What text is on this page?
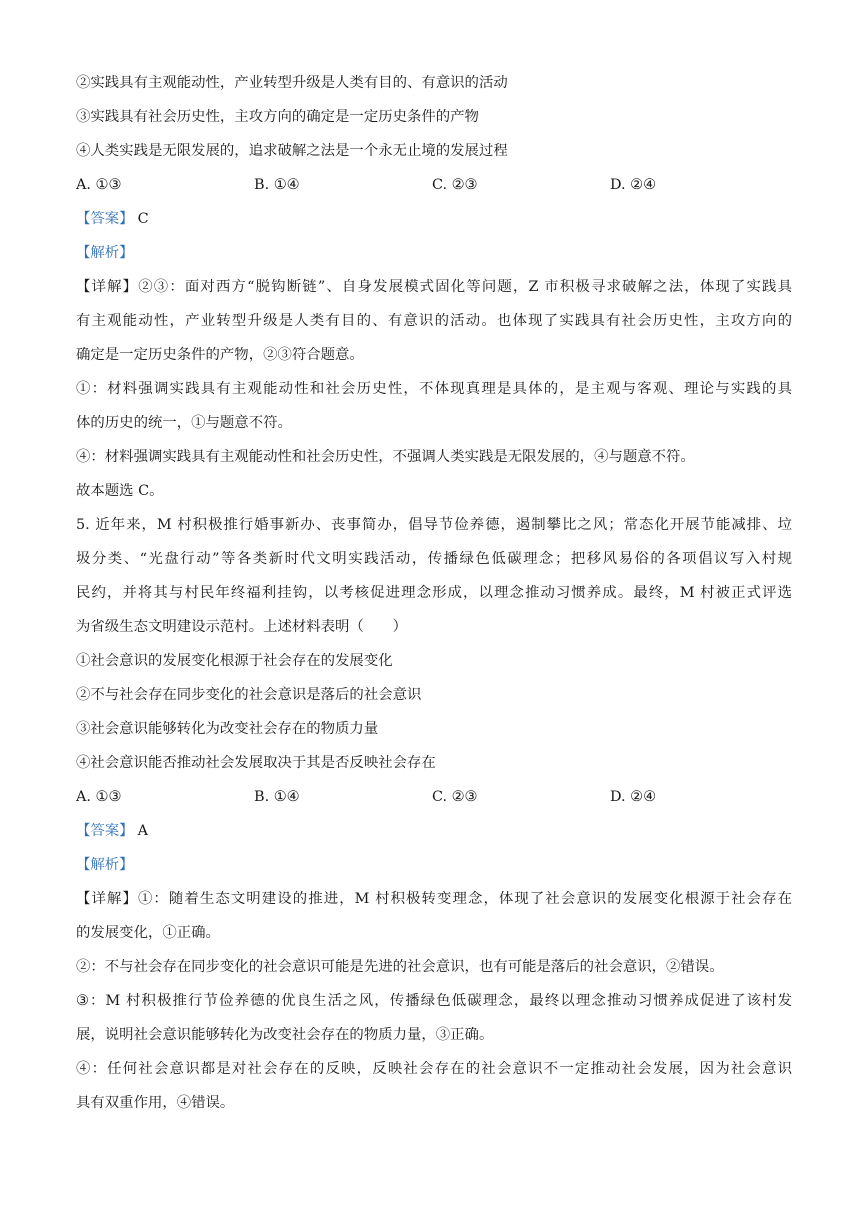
②实践具有主观能动性，产业转型升级是人类有目的、有意识的活动
③实践具有社会历史性，主攻方向的确定是一定历史条件的产物
④人类实践是无限发展的，追求破解之法是一个永无止境的发展过程
A. ①③	B. ①④	C. ②③	D. ②④
【答案】 C
【解析】
【详解】②③：面对西方“脱钩断链”、自身发展模式固化等问题，Z 市积极寻求破解之法，体现了实践具
有主观能动性，产业转型升级是人类有目的、有意识的活动。也体现了实践具有社会历史性，主攻方向的
确定是一定历史条件的产物，②③符合题意。
①：材料强调实践具有主观能动性和社会历史性，不体现真理是具体的，是主观与客观、理论与实践的具
体的历史的统一，①与题意不符。
④：材料强调实践具有主观能动性和社会历史性，不强调人类实践是无限发展的，④与题意不符。
故本题选 C。
5. 近年来，M 村积极推行婚事新办、丧事简办，倡导节俭养德，遏制攀比之风；常态化开展节能减排、垃
圾分类、“光盘行动”等各类新时代文明实践活动，传播绿色低碳理念；把移风易俗的各项倡议写入村规
民约，并将其与村民年终福利挂钩，以考核促进理念形成，以理念推动习惯养成。最终，M 村被正式评选
为省级生态文明建设示范村。上述材料表明（　　）
①社会意识的发展变化根源于社会存在的发展变化
②不与社会存在同步变化的社会意识是落后的社会意识
③社会意识能够转化为改变社会存在的物质力量
④社会意识能否推动社会发展取决于其是否反映社会存在
A. ①③	B. ①④	C. ②③	D. ②④
【答案】 A
【解析】
【详解】①：随着生态文明建设的推进，M 村积极转变理念，体现了社会意识的发展变化根源于社会存在
的发展变化，①正确。
②：不与社会存在同步变化的社会意识可能是先进的社会意识，也有可能是落后的社会意识，②错误。
③：M 村积极推行节俭养德的优良生活之风，传播绿色低碳理念，最终以理念推动习惯养成促进了该村发
展，说明社会意识能够转化为改变社会存在的物质力量，③正确。
④：任何社会意识都是对社会存在的反映，反映社会存在的社会意识不一定推动社会发展，因为社会意识
具有双重作用，④错误。
